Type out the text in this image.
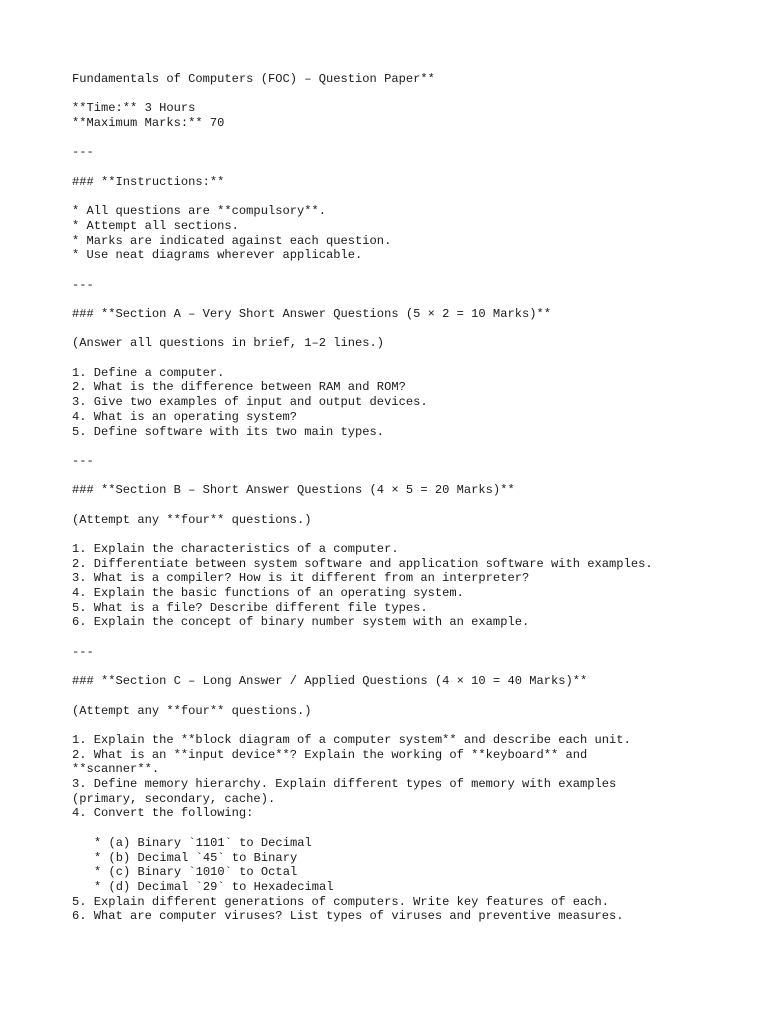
Fundamentals of Computers (FOC) – Question Paper**
**Time:** 3 Hours
**Maximum Marks:** 70
---
### **Instructions:**
* All questions are **compulsory**.
* Attempt all sections.
* Marks are indicated against each question.
* Use neat diagrams wherever applicable.
---
### **Section A – Very Short Answer Questions (5 × 2 = 10 Marks)**
(Answer all questions in brief, 1–2 lines.)
1. Define a computer.
2. What is the difference between RAM and ROM?
3. Give two examples of input and output devices.
4. What is an operating system?
5. Define software with its two main types.
---
### **Section B – Short Answer Questions (4 × 5 = 20 Marks)**
(Attempt any **four** questions.)
1. Explain the characteristics of a computer.
2. Differentiate between system software and application software with examples.
3. What is a compiler? How is it different from an interpreter?
4. Explain the basic functions of an operating system.
5. What is a file? Describe different file types.
6. Explain the concept of binary number system with an example.
---
### **Section C – Long Answer / Applied Questions (4 × 10 = 40 Marks)**
(Attempt any **four** questions.)
1. Explain the **block diagram of a computer system** and describe each unit.
2. What is an **input device**? Explain the working of **keyboard** and
**scanner**.
3. Define memory hierarchy. Explain different types of memory with examples
(primary, secondary, cache).
4. Convert the following:
* (a) Binary `1101` to Decimal
* (b) Decimal `45` to Binary
* (c) Binary `1010` to Octal
* (d) Decimal `29` to Hexadecimal
5. Explain different generations of computers. Write key features of each.
6. What are computer viruses? List types of viruses and preventive measures.
